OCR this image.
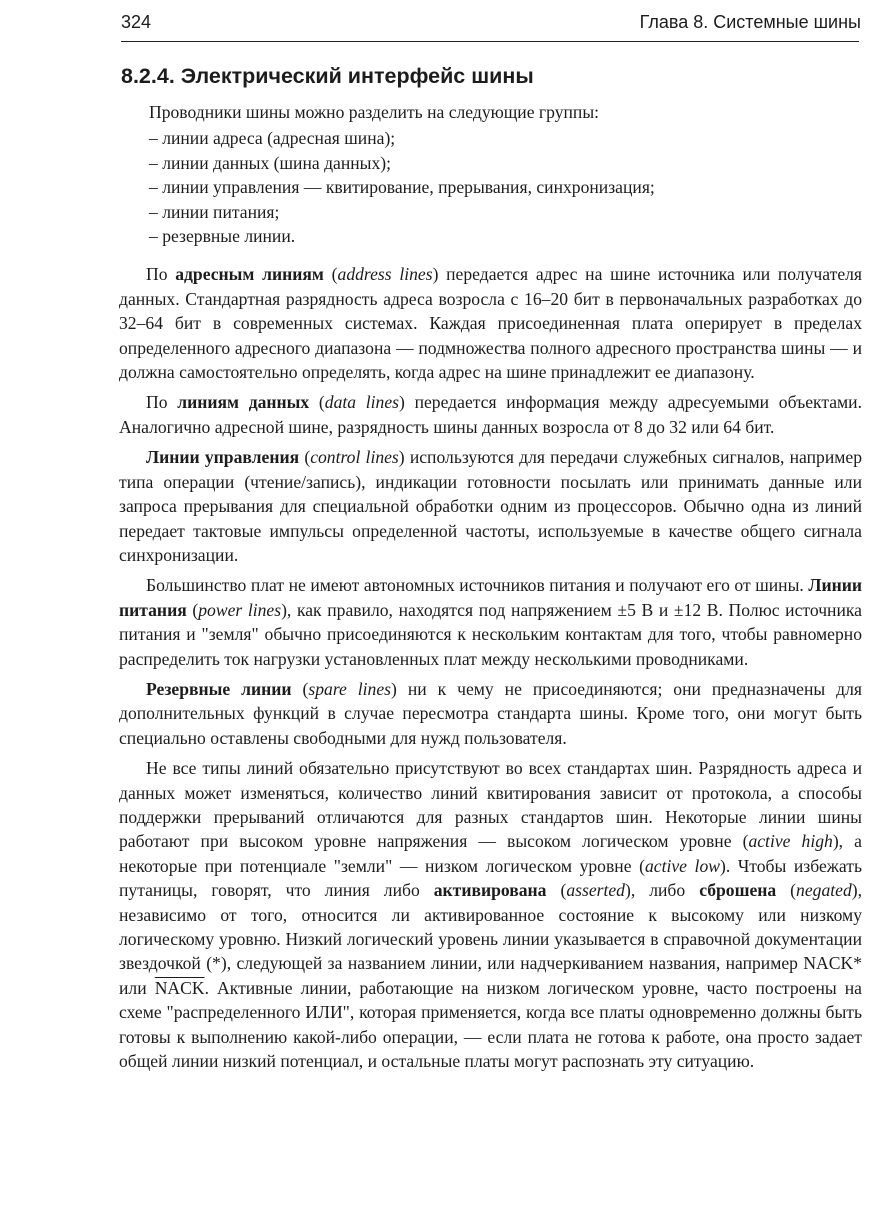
324	Глава 8. Системные шины
8.2.4. Электрический интерфейс шины

Проводники шины можно разделить на следующие группы:

– линии адреса (адресная шина);
– линии данных (шина данных);
– линии управления — квитирование, прерывания, синхронизация;
– линии питания;
– резервные линии.

По адресным линиям (address lines) передается адрес на шине источника или получателя данных. Стандартная разрядность адреса возросла с 16–20 бит в первоначальных разработках до 32–64 бит в современных системах. Каждая присоединенная плата оперирует в пределах определенного адресного диапазона — подмножества полного адресного пространства шины — и должна самостоятельно определять, когда адрес на шине принадлежит ее диапазону.

По линиям данных (data lines) передается информация между адресуемыми объектами. Аналогично адресной шине, разрядность шины данных возросла от 8 до 32 или 64 бит.

Линии управления (control lines) используются для передачи служебных сигналов, например типа операции (чтение/запись), индикации готовности посылать или принимать данные или запроса прерывания для специальной обработки одним из процессоров. Обычно одна из линий передает тактовые импульсы определенной частоты, используемые в качестве общего сигнала синхронизации.

Большинство плат не имеют автономных источников питания и получают его от шины. Линии питания (power lines), как правило, находятся под напряжением ±5 В и ±12 В. Полюс источника питания и "земля" обычно присоединяются к нескольким контактам для того, чтобы равномерно распределить ток нагрузки установленных плат между несколькими проводниками.

Резервные линии (spare lines) ни к чему не присоединяются; они предназначены для дополнительных функций в случае пересмотра стандарта шины. Кроме того, они могут быть специально оставлены свободными для нужд пользователя.

Не все типы линий обязательно присутствуют во всех стандартах шин. Разрядность адреса и данных может изменяться, количество линий квитирования зависит от протокола, а способы поддержки прерываний отличаются для разных стандартов шин. Некоторые линии шины работают при высоком уровне напряжения — высоком логическом уровне (active high), а некоторые при потенциале "земли" — низком логическом уровне (active low). Чтобы избежать путаницы, говорят, что линия либо активирована (asserted), либо сброшена (negated), независимо от того, относится ли активированное состояние к высокому или низкому логическому уровню. Низкий логический уровень линии указывается в справочной документации звездочкой (*), следующей за названием линии, или надчеркиванием названия, например NACK* или NACK. Активные линии, работающие на низком логическом уровне, часто построены на схеме "распределенного ИЛИ", которая применяется, когда все платы одновременно должны быть готовы к выполнению какой-либо операции, — если плата не готова к работе, она просто задает общей линии низкий потенциал, и остальные платы могут распознать эту ситуацию.
